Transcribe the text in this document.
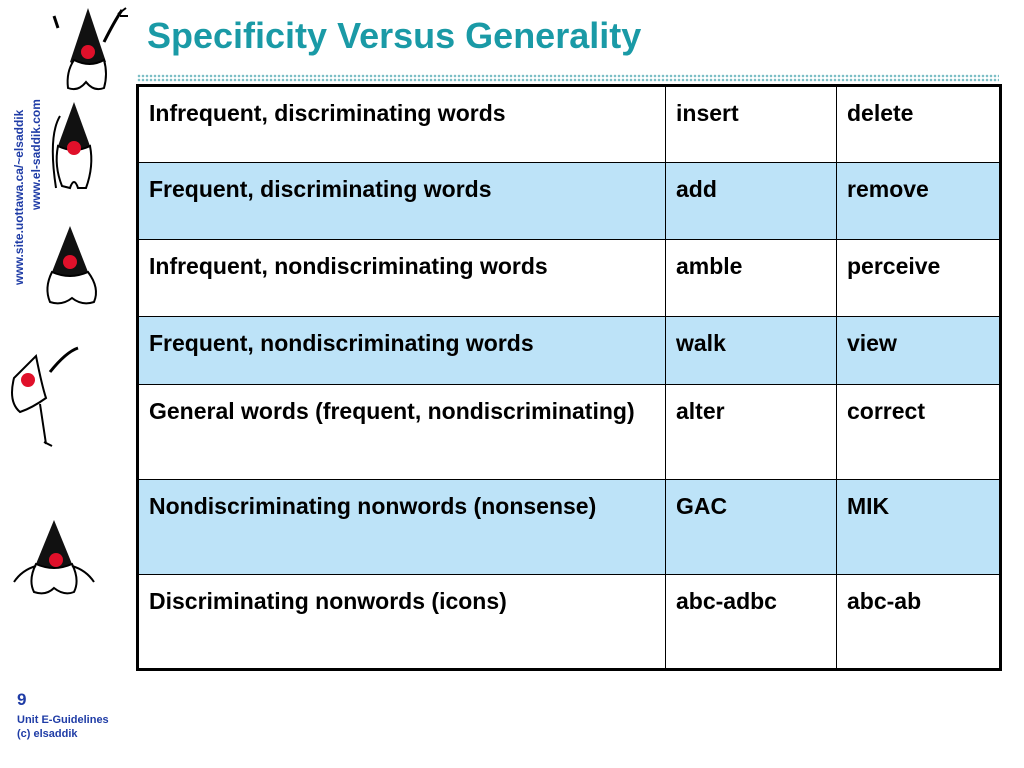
www.site.uottawa.ca/~elsaddik www.el-saddik.com
Specificity Versus Generality
Infrequent, discriminating words	insert	delete
Frequent, discriminating words	add	remove
Infrequent, nondiscriminating words	amble	perceive
Frequent, nondiscriminating words	walk	view
General words (frequent, nondiscriminating)	alter	correct
Nondiscriminating nonwords (nonsense)	GAC	MIK
Discriminating nonwords (icons)	abc-adbc	abc-ab
9
Unit E-Guidelines
(c) elsaddik
